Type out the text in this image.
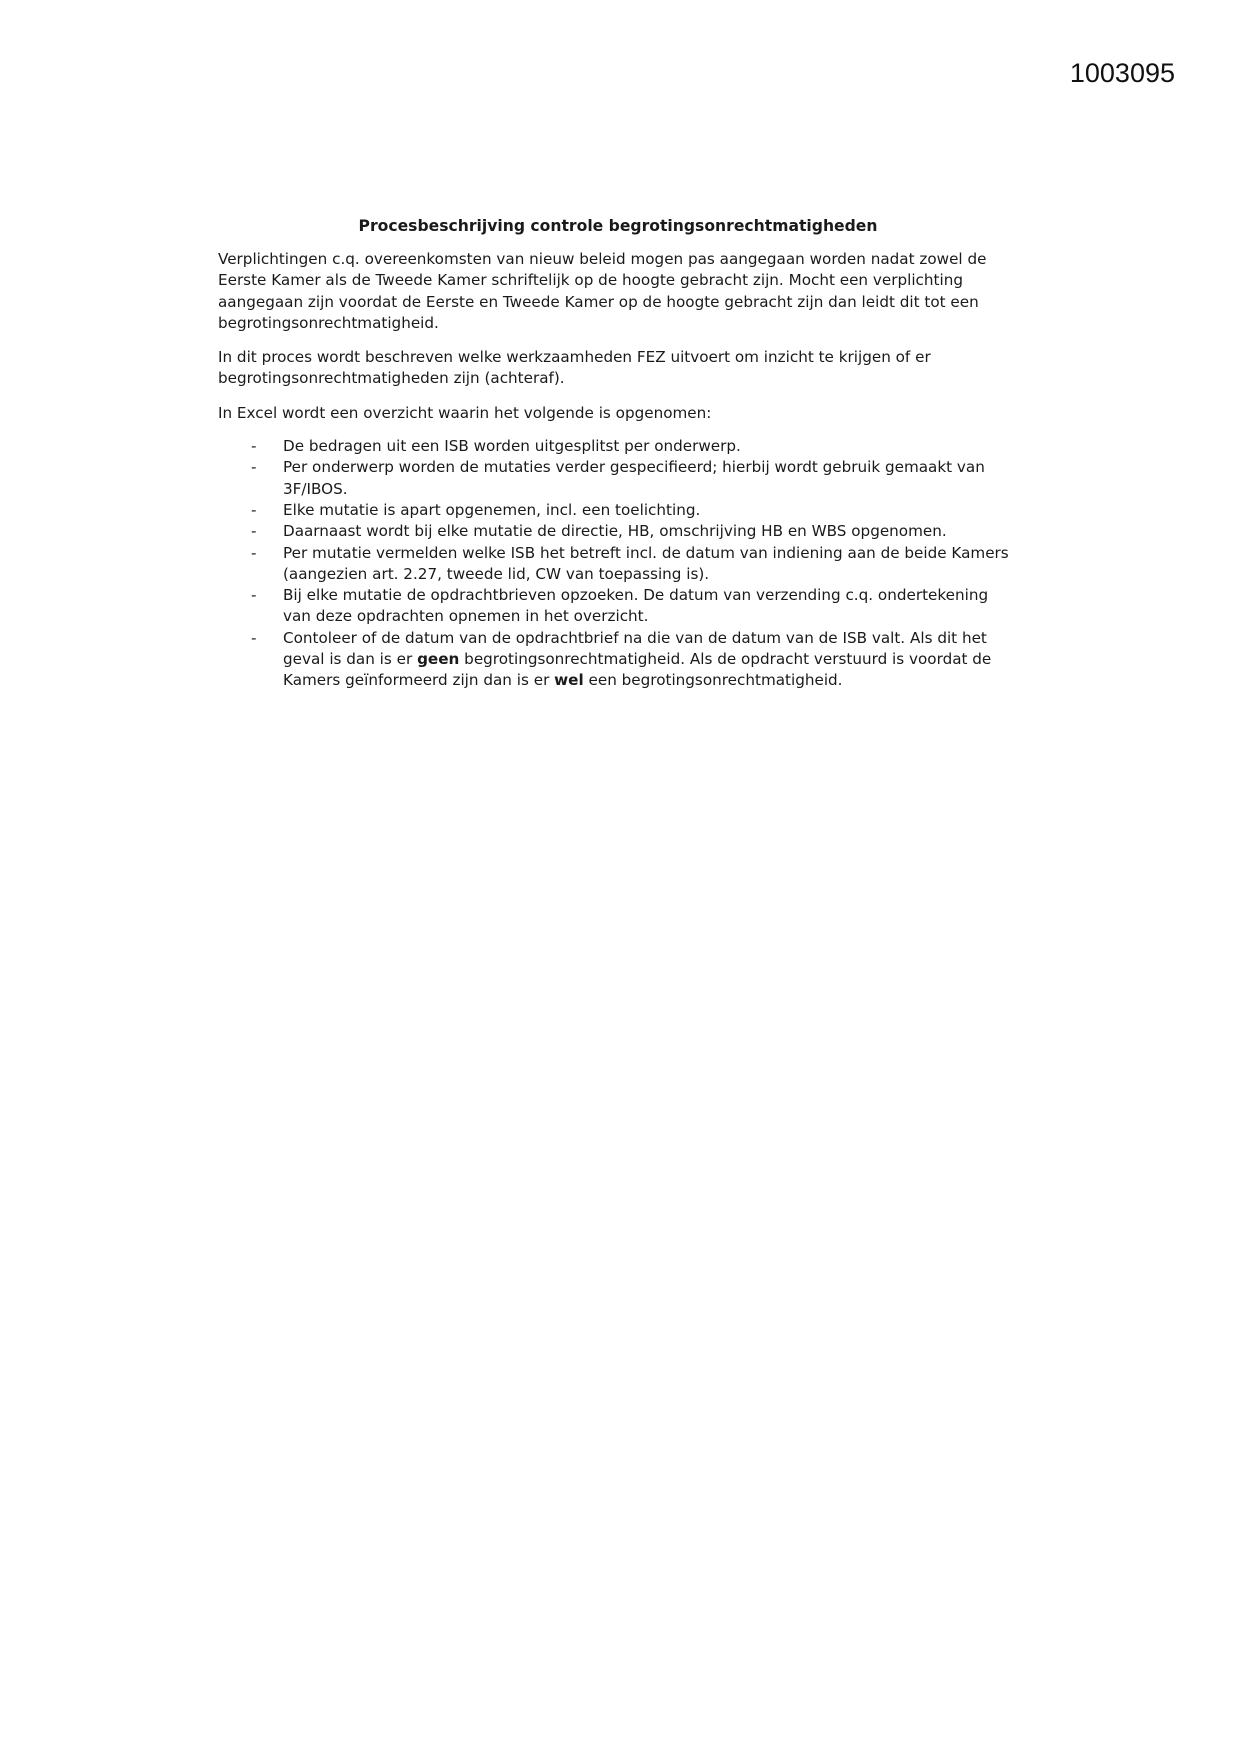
1003095
Procesbeschrijving controle begrotingsonrechtmatigheden

Verplichtingen c.q. overeenkomsten van nieuw beleid mogen pas aangegaan worden nadat zowel de Eerste Kamer als de Tweede Kamer schriftelijk op de hoogte gebracht zijn. Mocht een verplichting aangegaan zijn voordat de Eerste en Tweede Kamer op de hoogte gebracht zijn dan leidt dit tot een begrotingsonrechtmatigheid.

In dit proces wordt beschreven welke werkzaamheden FEZ uitvoert om inzicht te krijgen of er begrotingsonrechtmatigheden zijn (achteraf).

In Excel wordt een overzicht waarin het volgende is opgenomen:

- De bedragen uit een ISB worden uitgesplitst per onderwerp.
- Per onderwerp worden de mutaties verder gespecifieerd; hierbij wordt gebruik gemaakt van 3F/IBOS.
- Elke mutatie is apart opgenemen, incl. een toelichting.
- Daarnaast wordt bij elke mutatie de directie, HB, omschrijving HB en WBS opgenomen.
- Per mutatie vermelden welke ISB het betreft incl. de datum van indiening aan de beide Kamers (aangezien art. 2.27, tweede lid, CW van toepassing is).
- Bij elke mutatie de opdrachtbrieven opzoeken. De datum van verzending c.q. ondertekening van deze opdrachten opnemen in het overzicht.
- Contoleer of de datum van de opdrachtbrief na die van de datum van de ISB valt. Als dit het geval is dan is er geen begrotingsonrechtmatigheid. Als de opdracht verstuurd is voordat de Kamers geïnformeerd zijn dan is er wel een begrotingsonrechtmatigheid.
